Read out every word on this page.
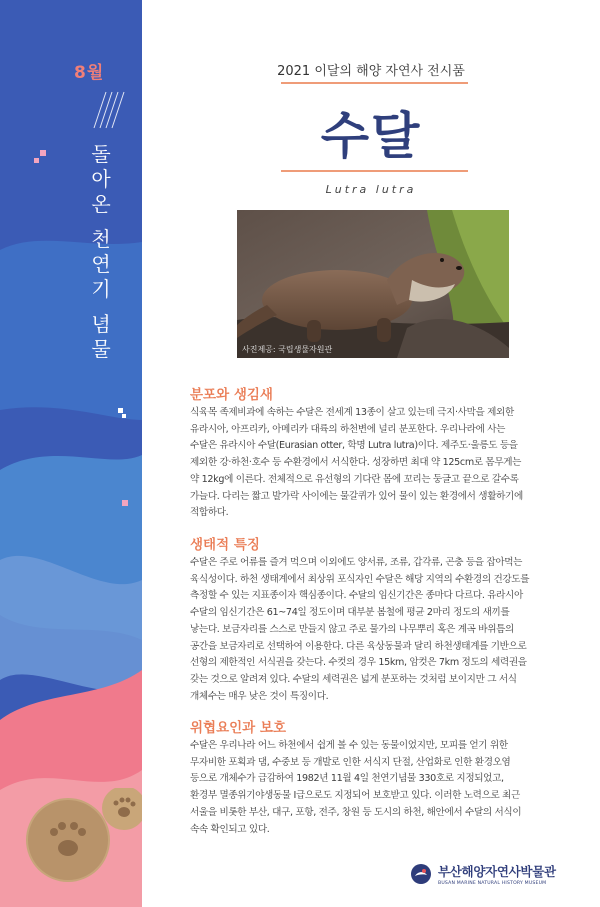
8월
돌아온
천연기
념물
2021 이달의 해양 자연사 전시품
수달
Lutra lutra
사진제공: 국립생물자원관
분포와 생김새
식육목 족제비과에 속하는 수달은 전세계 13종이 살고 있는데 극지·사막을 제외한
유라시아, 아프리카, 아메리카 대륙의 하천변에 널리 분포한다. 우리나라에 사는
수달은 유라시아 수달(Eurasian otter, 학명 Lutra lutra)이다. 제주도·울릉도 등을
제외한 강·하천·호수 등 수환경에서 서식한다. 성장하면 최대 약 125cm로 몸무게는
약 12kg에 이른다. 전체적으로 유선형의 기다란 몸에 꼬리는 둥글고 끝으로 갈수록
가늘다. 다리는 짧고 발가락 사이에는 물갈퀴가 있어 물이 있는 환경에서 생활하기에
적합하다.
생태적 특징
수달은 주로 어류를 즐겨 먹으며 이외에도 양서류, 조류, 갑각류, 곤충 등을 잡아먹는
육식성이다. 하천 생태계에서 최상위 포식자인 수달은 해당 지역의 수환경의 건강도를
측정할 수 있는 지표종이자 핵심종이다. 수달의 임신기간은 종마다 다르다. 유라시아
수달의 임신기간은 61~74일 정도이며 대부분 봄철에 평균 2마리 정도의 새끼를
낳는다. 보금자리를 스스로 만들지 않고 주로 물가의 나무뿌리 혹은 계곡 바위틈의
공간을 보금자리로 선택하여 이용한다. 다른 육상동물과 달리 하천생태계를 기반으로
선형의 제한적인 서식권을 갖는다. 수컷의 경우 15km, 암컷은 7km 정도의 세력권을
갖는 것으로 알려져 있다. 수달의 세력권은 넓게 분포하는 것처럼 보이지만 그 서식
개체수는 매우 낮은 것이 특징이다.
위협요인과 보호
수달은 우리나라 어느 하천에서 쉽게 볼 수 있는 동물이었지만, 모피를 얻기 위한
무자비한 포획과 댐, 수중보 등 개발로 인한 서식지 단절, 산업화로 인한 환경오염
등으로 개체수가 급감하여 1982년 11월 4일 천연기념물 330호로 지정되었고,
환경부 멸종위기야생동물 Ⅰ급으로도 지정되어 보호받고 있다. 이러한 노력으로 최근
서울을 비롯한 부산, 대구, 포항, 전주, 창원 등 도시의 하천, 해안에서 수달의 서식이
속속 확인되고 있다.
부산해양자연사박물관
BUSAN MARINE NATURAL HISTORY MUSEUM
